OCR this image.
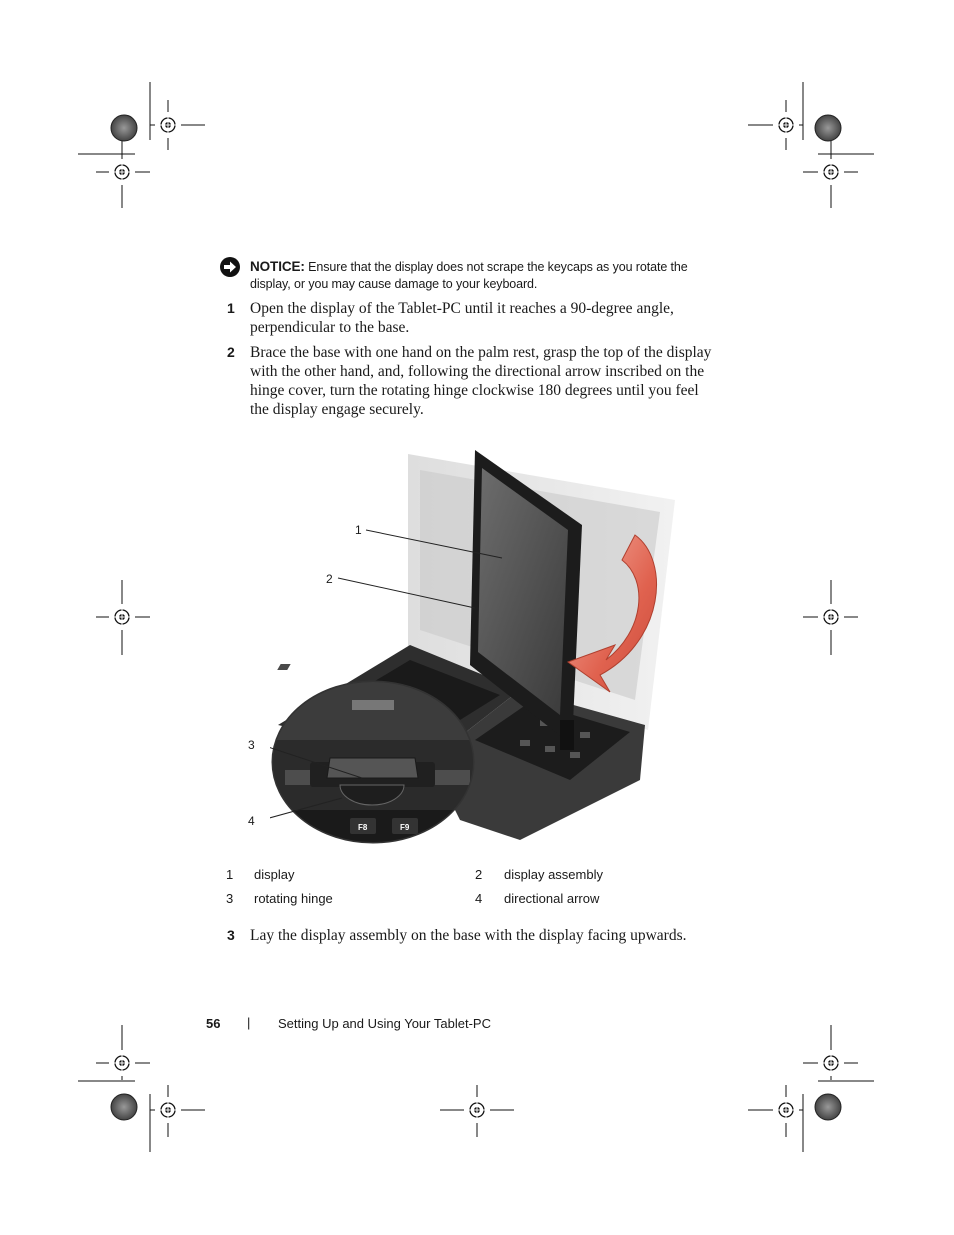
NOTICE: Ensure that the display does not scrape the keycaps as you rotate the
display, or you may cause damage to your keyboard.
1 Open the display of the Tablet-PC until it reaches a 90-degree angle,
perpendicular to the base.
2 Brace the base with one hand on the palm rest, grasp the top of the display
with the other hand, and, following the directional arrow inscribed on the
hinge cover, turn the rotating hinge clockwise 180 degrees until you feel
the display engage securely.
F8	F9
1
2
3
4
1 display	2 display assembly
3 rotating hinge	4 directional arrow
3 Lay the display assembly on the base with the display facing upwards.
56 | Setting Up and Using Your Tablet-PC
